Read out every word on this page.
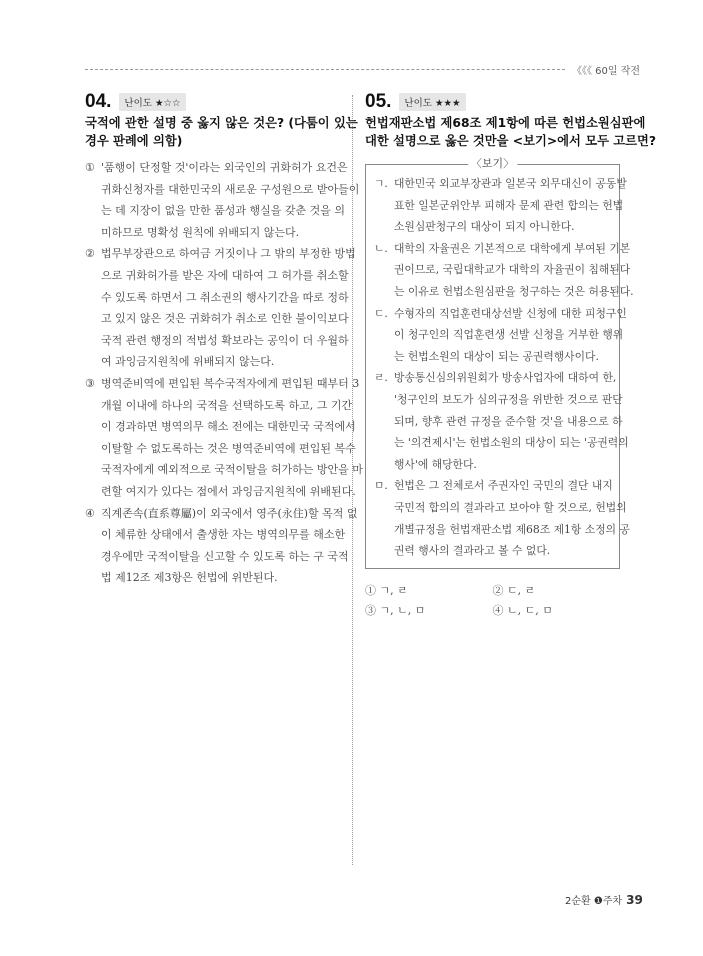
《《《 60일 작전
04.	난이도 ★☆☆
국적에 관한 설명 중 옳지 않은 것은? (다툼이 있는
경우 판례에 의함)
① '품행이 단정할 것'이라는 외국인의 귀화허가 요건은
귀화신청자를 대한민국의 새로운 구성원으로 받아들이
는 데 지장이 없을 만한 품성과 행실을 갖춘 것을 의
미하므로 명확성 원칙에 위배되지 않는다.
② 법무부장관으로 하여금 거짓이나 그 밖의 부정한 방법
으로 귀화허가를 받은 자에 대하여 그 허가를 취소할
수 있도록 하면서 그 취소권의 행사기간을 따로 정하
고 있지 않은 것은 귀화허가 취소로 인한 불이익보다
국적 관련 행정의 적법성 확보라는 공익이 더 우월하
여 과잉금지원칙에 위배되지 않는다.
③ 병역준비역에 편입된 복수국적자에게 편입된 때부터 3
개월 이내에 하나의 국적을 선택하도록 하고, 그 기간
이 경과하면 병역의무 해소 전에는 대한민국 국적에서
이탈할 수 없도록하는 것은 병역준비역에 편입된 복수
국적자에게 예외적으로 국적이탈을 허가하는 방안을 마
련할 여지가 있다는 점에서 과잉금지원칙에 위배된다.
④ 직계존속(直系尊屬)이 외국에서 영주(永住)할 목적 없
이 체류한 상태에서 출생한 자는 병역의무를 해소한
경우에만 국적이탈을 신고할 수 있도록 하는 구 국적
법 제12조 제3항은 헌법에 위반된다.
05.	난이도 ★★★
헌법재판소법 제68조 제1항에 따른 헌법소원심판에
대한 설명으로 옳은 것만을 <보기>에서 모두 고르면?
〈보기〉
ㄱ. 대한민국 외교부장관과 일본국 외무대신이 공동발
표한 일본군위안부 피해자 문제 관련 합의는 헌법
소원심판청구의 대상이 되지 아니한다.
ㄴ. 대학의 자율권은 기본적으로 대학에게 부여된 기본
권이므로, 국립대학교가 대학의 자율권이 침해된다
는 이유로 헌법소원심판을 청구하는 것은 허용된다.
ㄷ. 수형자의 직업훈련대상선발 신청에 대한 피청구인
이 청구인의 직업훈련생 선발 신청을 거부한 행위
는 헌법소원의 대상이 되는 공권력행사이다.
ㄹ. 방송통신심의위원회가 방송사업자에 대하여 한,
'청구인의 보도가 심의규정을 위반한 것으로 판단
되며, 향후 관련 규정을 준수할 것'을 내용으로 하
는 '의견제시'는 헌법소원의 대상이 되는 '공권력의
행사'에 해당한다.
ㅁ. 헌법은 그 전체로서 주권자인 국민의 결단 내지
국민적 합의의 결과라고 보아야 할 것으로, 헌법의
개별규정을 헌법재판소법 제68조 제1항 소정의 공
권력 행사의 결과라고 볼 수 없다.
① ㄱ, ㄹ	② ㄷ, ㄹ
③ ㄱ, ㄴ, ㅁ	④ ㄴ, ㄷ, ㅁ
2순환 ❶주차 39
